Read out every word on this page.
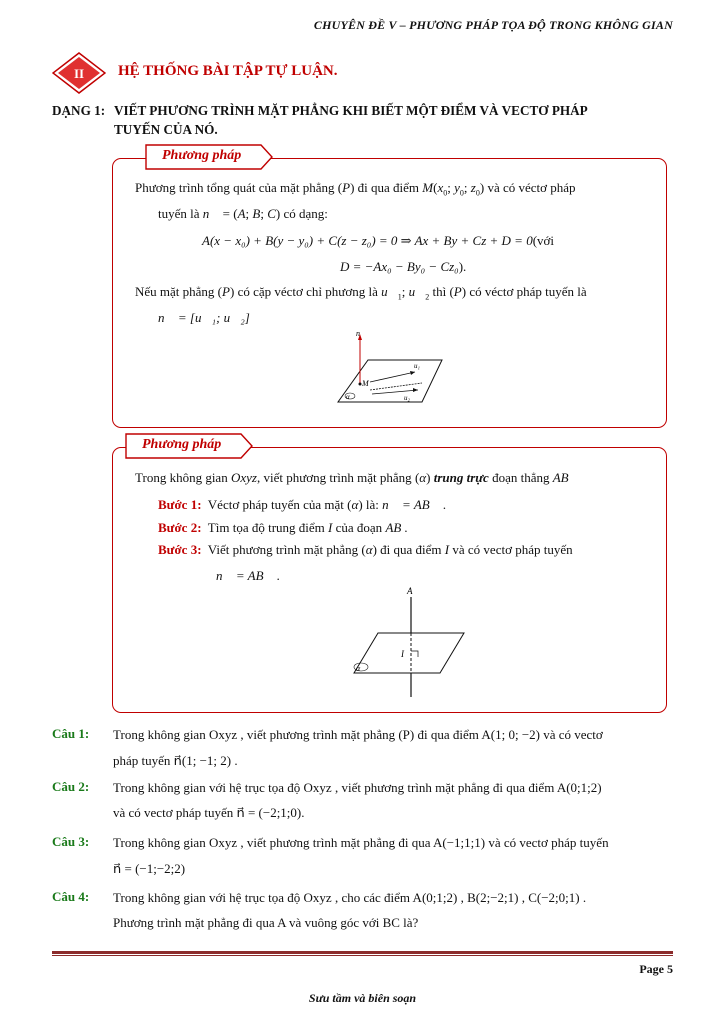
CHUYÊN ĐỀ V – PHƯƠNG PHÁP TỌA ĐỘ TRONG KHÔNG GIAN
II HỆ THỐNG BÀI TẬP TỰ LUẬN.
DẠNG 1: VIẾT PHƯƠNG TRÌNH MẶT PHẲNG KHI BIẾT MỘT ĐIỂM VÀ VECTƠ PHÁP
TUYẾN CỦA NÓ.
Phương pháp
Phương trình tổng quát của mặt phẳng (P) đi qua điểm $M(x_0$; $y_0$; $z_0$) và có véctơ pháp
tuyến là n⃗ = (A; B; C) có dạng:
A(x − x₀) + B(y − y₀) + C(z − z₀) = 0 ⇒ Ax + By + Cz + D = 0(với
D = −Ax₀ − By₀ − Cz₀).
Nếu mặt phẳng (P) có cặp véctơ chỉ phương là $u⃗_1$; $u⃗_2$ thì (P) có véctơ pháp tuyến là
n⃗ = [u⃗₁; u⃗₂]
n
M
u₁
u₂
α
Phương pháp
Trong không gian Oxyz, viết phương trình mặt phẳng (α) trung trực đoạn thẳng AB
Bước 1: Véctơ pháp tuyến của mặt (α) là: n⃗ = AB⃗ .
Bước 2: Tìm tọa độ trung điểm I của đoạn AB .
Bước 3: Viết phương trình mặt phẳng (α) đi qua điểm I và có vectơ pháp tuyến
n⃗ = AB⃗ .
A
I
α
Câu 1: Trong không gian Oxyz , viết phương trình mặt phẳng (P) đi qua điểm A(1; 0; −2) và có vectơ
pháp tuyến n⃗(1; −1; 2) .
Câu 2: Trong không gian với hệ trục tọa độ Oxyz , viết phương trình mặt phẳng đi qua điểm A(0;1;2)
và có vectơ pháp tuyến n⃗ = (−2;1;0).
Câu 3: Trong không gian Oxyz , viết phương trình mặt phẳng đi qua A(−1;1;1) và có vectơ pháp tuyến
n⃗ = (−1;−2;2)
Câu 4: Trong không gian với hệ trục tọa độ Oxyz , cho các điểm A(0;1;2) , B(2;−2;1) , C(−2;0;1) .
Phương trình mặt phẳng đi qua A và vuông góc với BC là?
Page 5
Sưu tầm và biên soạn
